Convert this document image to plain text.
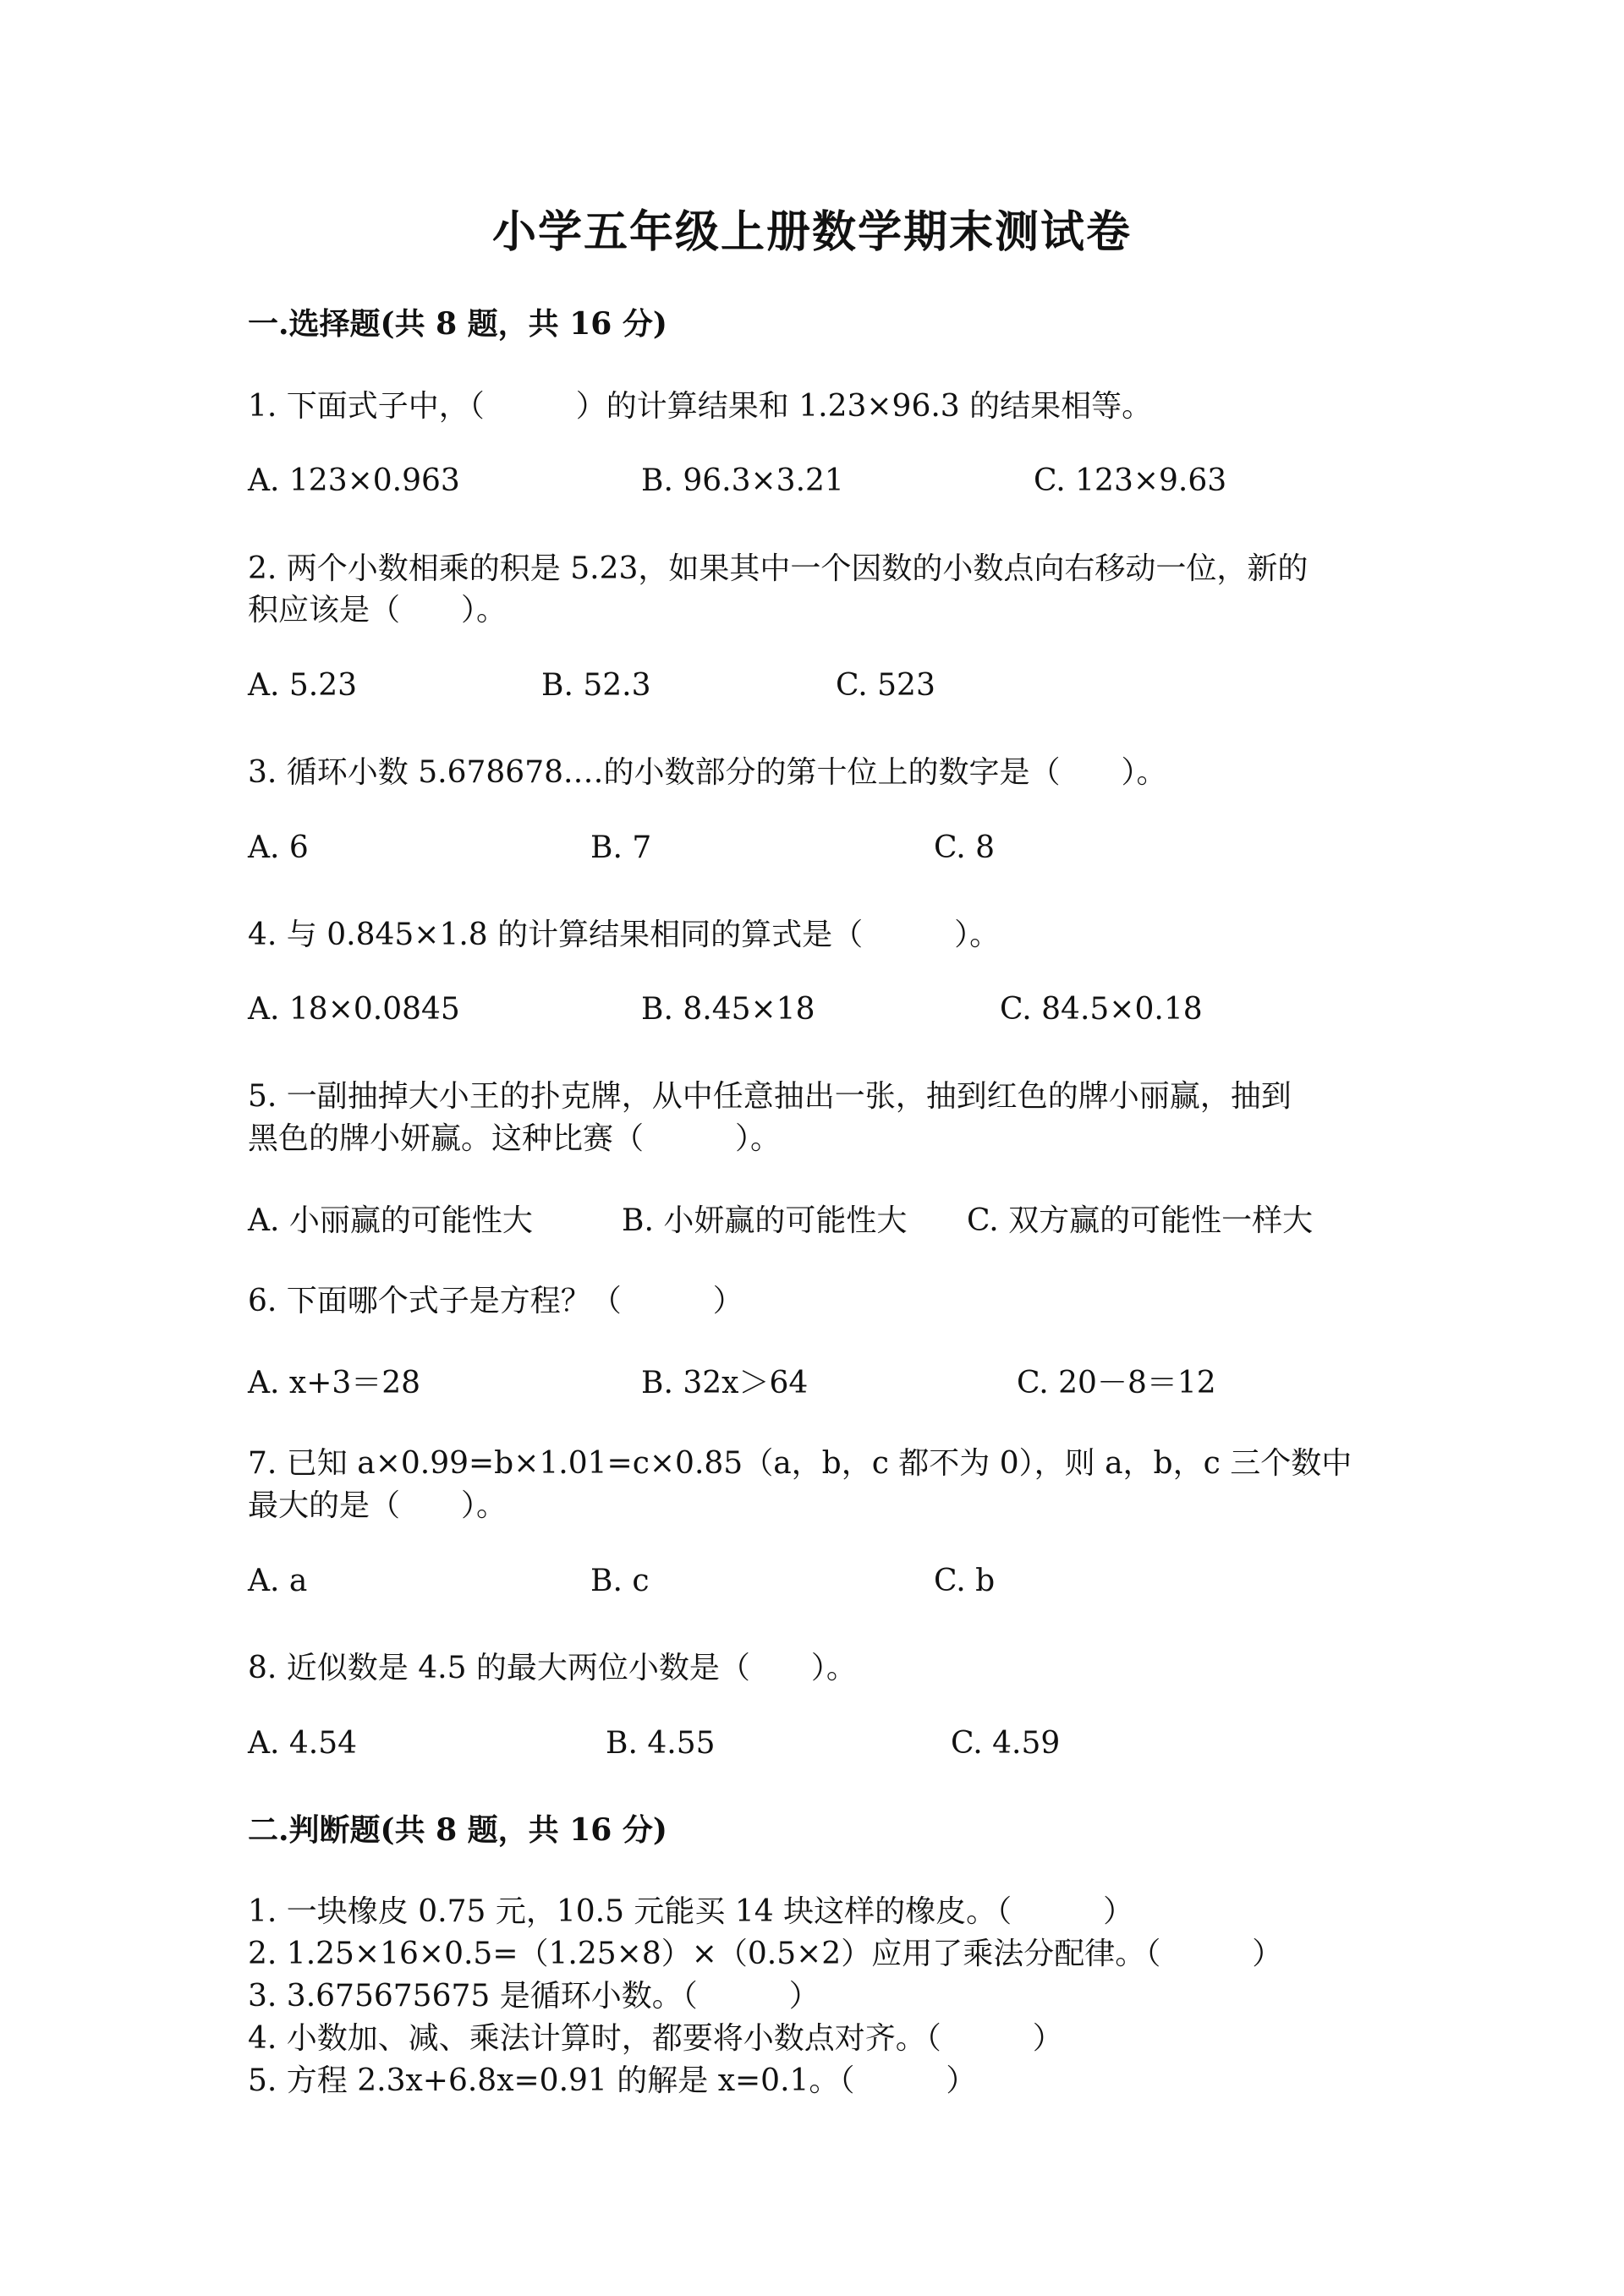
小学五年级上册数学期末测试卷
一.选择题(共 8 题，共 16 分)
1. 下面式子中，（　　　）的计算结果和 1.23×96.3 的结果相等。
A. 123×0.963	B. 96.3×3.21	C. 123×9.63
2. 两个小数相乘的积是 5.23，如果其中一个因数的小数点向右移动一位，新的
积应该是（　　）。
A. 5.23	B. 52.3	C. 523
3. 循环小数 5.678678.…的小数部分的第十位上的数字是（　　）。
A. 6	B. 7	C. 8
4. 与 0.845×1.8 的计算结果相同的算式是（　　　）。
A. 18×0.0845	B. 8.45×18	C. 84.5×0.18
5. 一副抽掉大小王的扑克牌，从中任意抽出一张，抽到红色的牌小丽赢，抽到
黑色的牌小妍赢。这种比赛（　　　）。
A. 小丽赢的可能性大	B. 小妍赢的可能性大 C. 双方赢的可能性一样大
6. 下面哪个式子是方程？（　　　）
A. x+3＝28	B. 32x＞64	C. 20－8＝12
7. 已知 a×0.99=b×1.01=c×0.85（a，b，c 都不为 0），则 a，b，c 三个数中
最大的是（　　）。
A. a	B. c	C. b
8. 近似数是 4.5 的最大两位小数是（　　）。
A. 4.54	B. 4.55	C. 4.59
二.判断题(共 8 题，共 16 分)
1. 一块橡皮 0.75 元，10.5 元能买 14 块这样的橡皮。（　　　）
2. 1.25×16×0.5=（1.25×8）×（0.5×2）应用了乘法分配律。（　　　）
3. 3.675675675 是循环小数。（　　　）
4. 小数加、减、乘法计算时，都要将小数点对齐。（　　　）
5. 方程 2.3x+6.8x=0.91 的解是 x=0.1。（　　　）
